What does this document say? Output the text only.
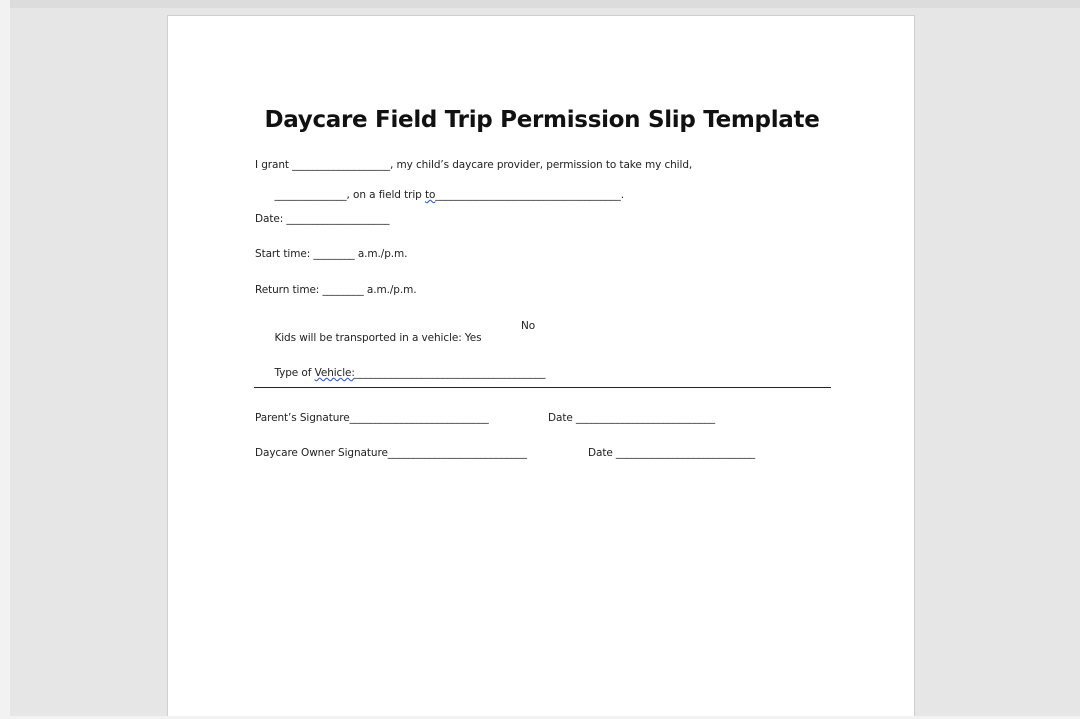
Daycare Field Trip Permission Slip Template
I grant ___________________, my child’s daycare provider, permission to take my child,

______________, on a field trip to____________________________________.

Date: ____________________
Start time: ________ a.m./p.m.
Return time: ________ a.m./p.m.

Kids will be transported in a vehicle: Yes

No

Type of Vehicle:_____________________________________

Parent’s Signature___________________________	Date ___________________________
Daycare Owner Signature___________________________	Date ___________________________
